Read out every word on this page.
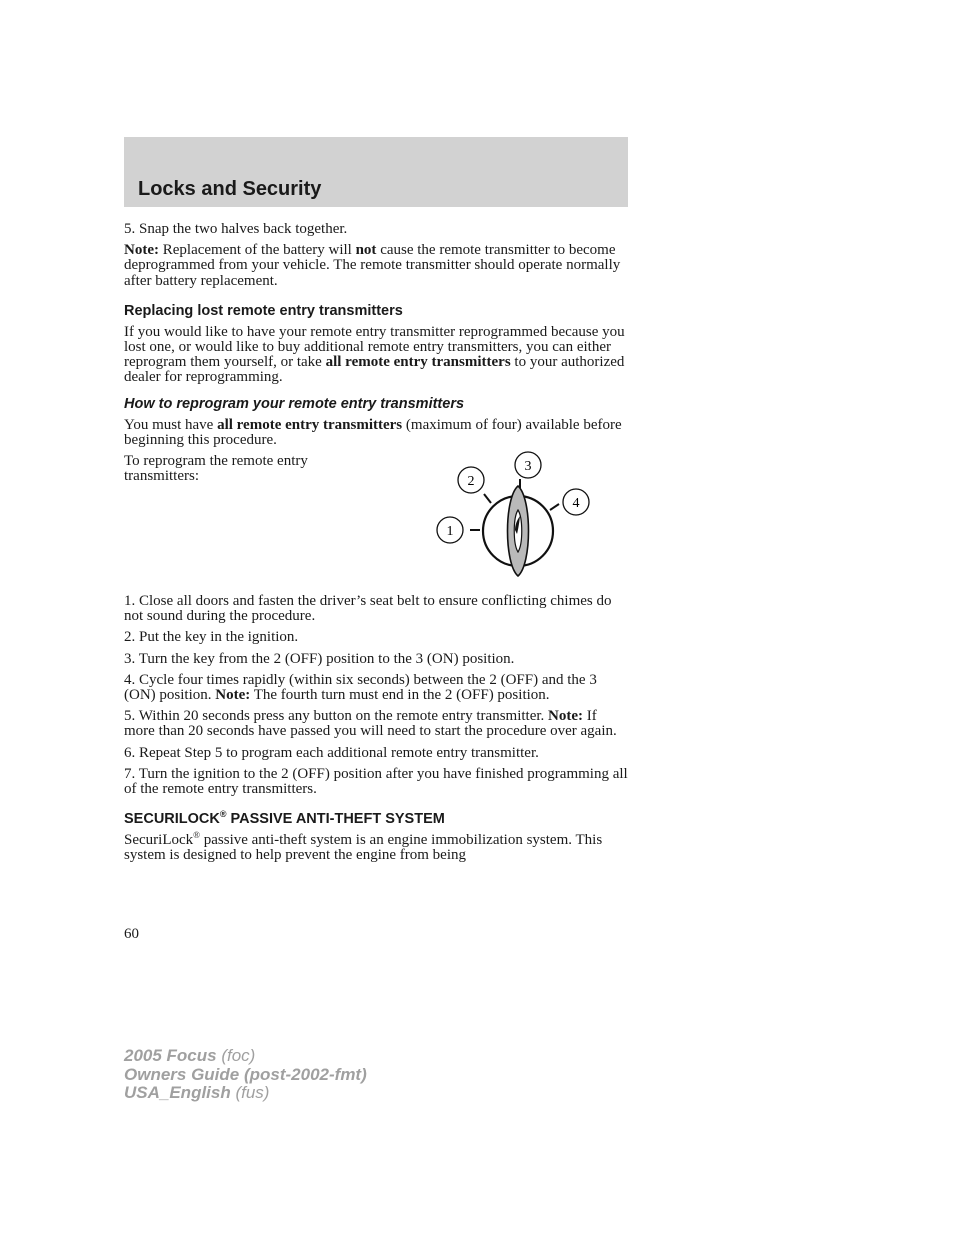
Locks and Security

5. Snap the two halves back together.

Note: Replacement of the battery will not cause the remote transmitter to become deprogrammed from your vehicle. The remote transmitter should operate normally after battery replacement.

Replacing lost remote entry transmitters

If you would like to have your remote entry transmitter reprogrammed because you lost one, or would like to buy additional remote entry transmitters, you can either reprogram them yourself, or take all remote entry transmitters to your authorized dealer for reprogramming.

How to reprogram your remote entry transmitters

You must have all remote entry transmitters (maximum of four) available before beginning this procedure.

To reprogram the remote entry transmitters:

1
2
3
4

1. Close all doors and fasten the driver’s seat belt to ensure conflicting chimes do not sound during the procedure.

2. Put the key in the ignition.

3. Turn the key from the 2 (OFF) position to the 3 (ON) position.

4. Cycle four times rapidly (within six seconds) between the 2 (OFF) and the 3 (ON) position. Note: The fourth turn must end in the 2 (OFF) position.

5. Within 20 seconds press any button on the remote entry transmitter. Note: If more than 20 seconds have passed you will need to start the procedure over again.

6. Repeat Step 5 to program each additional remote entry transmitter.

7. Turn the ignition to the 2 (OFF) position after you have finished programming all of the remote entry transmitters.

SECURILOCK® PASSIVE ANTI-THEFT SYSTEM

SecuriLock® passive anti-theft system is an engine immobilization system. This system is designed to help prevent the engine from being

60
2005 Focus (foc)
Owners Guide (post-2002-fmt)
USA_English (fus)
